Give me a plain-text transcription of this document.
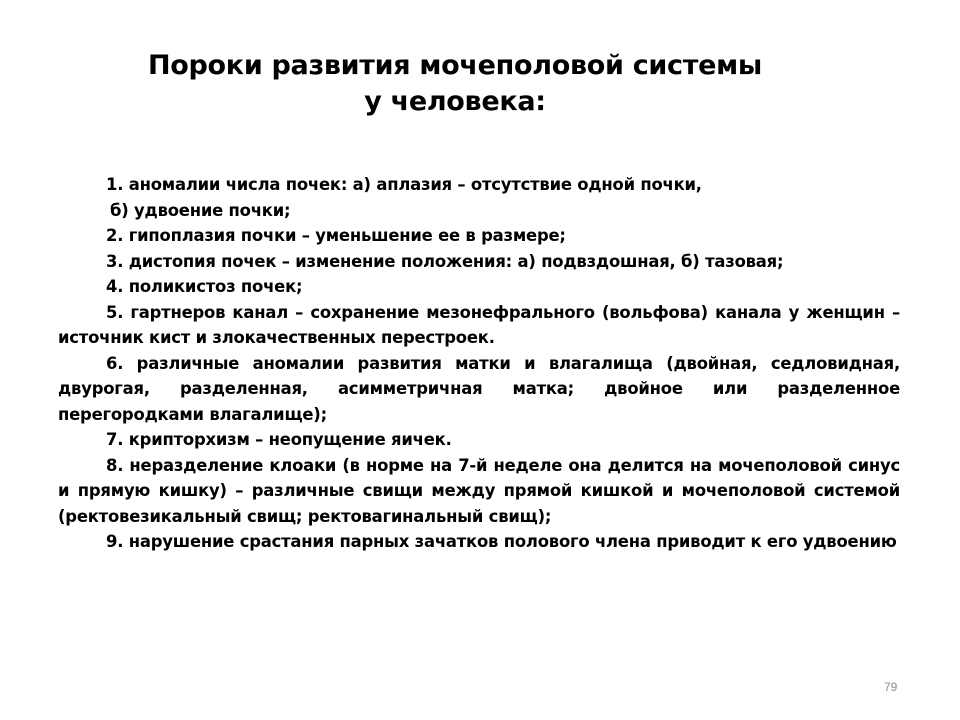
Пороки развития мочеполовой системы
у человека:

1. аномалии числа почек: а) аплазия – отсутствие одной почки,

б) удвоение почки;

2. гипоплазия почки – уменьшение ее в размере;

3. дистопия почек – изменение положения: а) подвздошная, б) тазовая;

4. поликистоз почек;

5. гартнеров канал – сохранение мезонефрального (вольфова) канала у женщин – источник кист и злокачественных перестроек.

6. различные аномалии развития матки и влагалища (двойная, седловидная, двурогая, разделенная, асимметричная матка; двойное или разделенное перегородками влагалище);

7. крипторхизм – неопущение яичек.

8. неразделение клоаки (в норме на 7-й неделе она делится на мочеполовой синус и прямую кишку) – различные свищи между прямой кишкой и мочеполовой системой (ректовезикальный свищ; ректовагинальный свищ);

9. нарушение срастания парных зачатков полового члена приводит к его удвоению

79
